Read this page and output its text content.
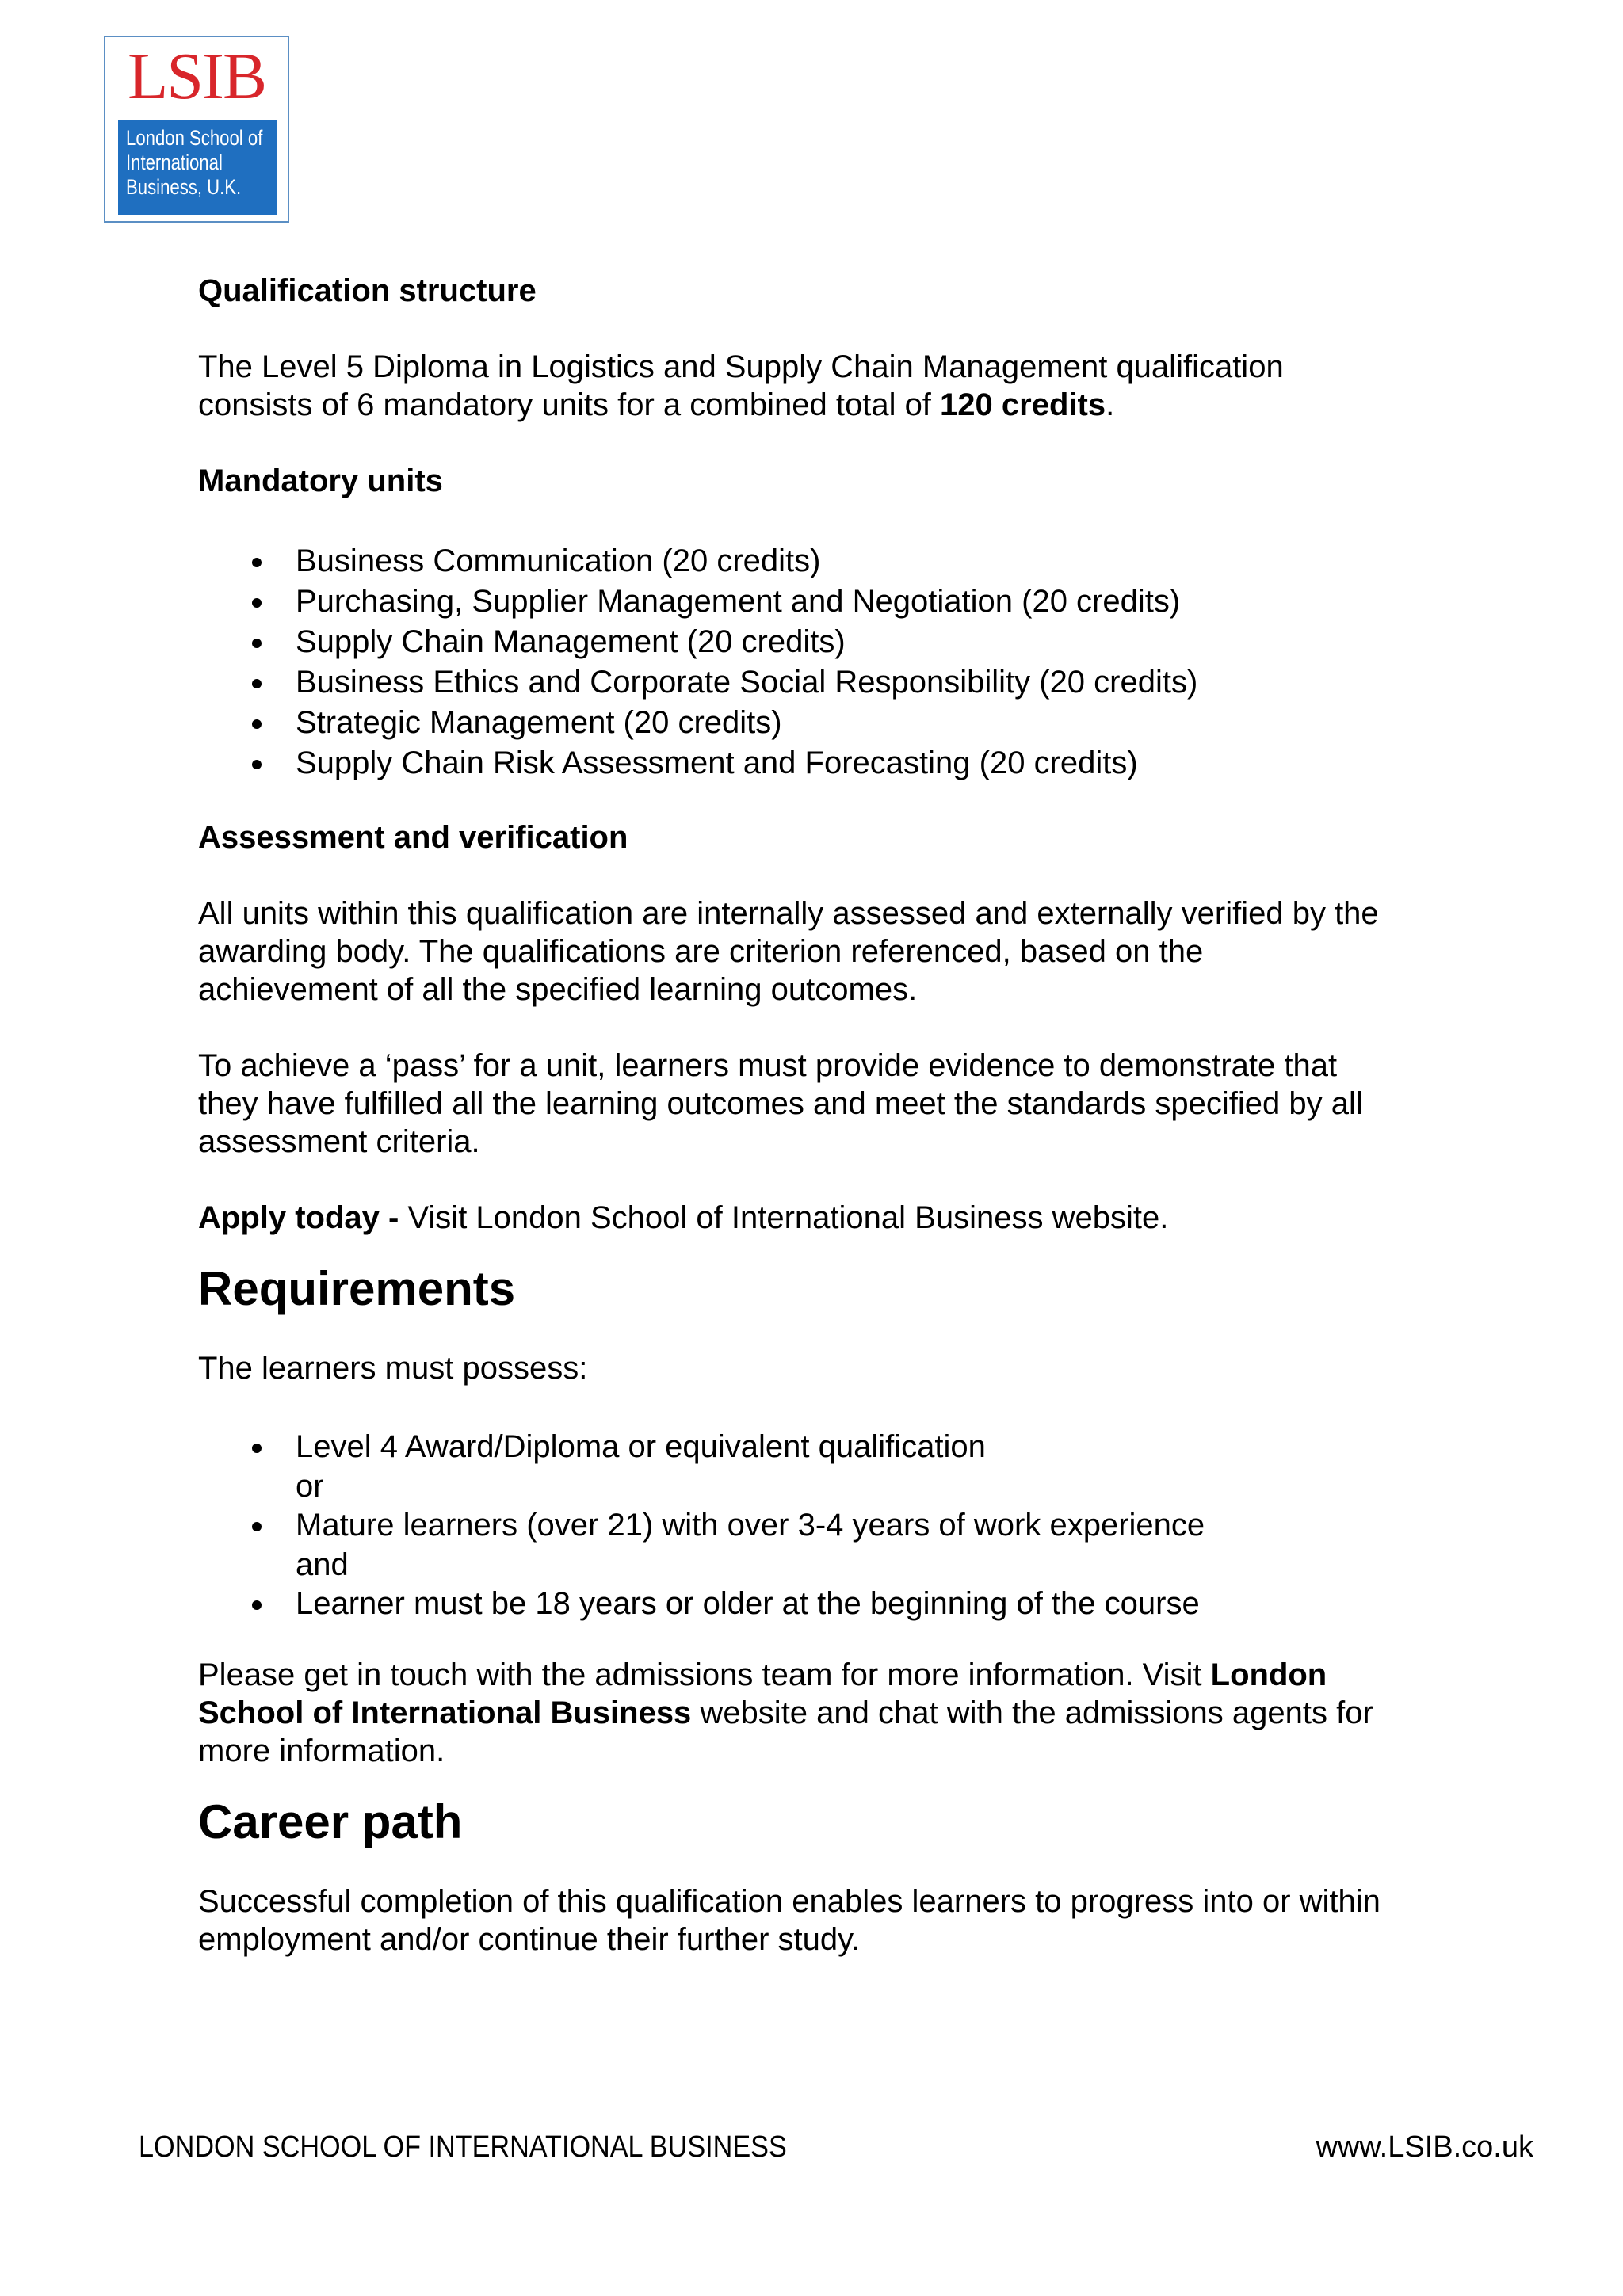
LSIB
London School of
International
Business, U.K.

Qualification structure

The Level 5 Diploma in Logistics and Supply Chain Management qualification
consists of 6 mandatory units for a combined total of 120 credits.

Mandatory units

Business Communication (20 credits)
Purchasing, Supplier Management and Negotiation (20 credits)
Supply Chain Management (20 credits)
Business Ethics and Corporate Social Responsibility (20 credits)
Strategic Management (20 credits)
Supply Chain Risk Assessment and Forecasting (20 credits)

Assessment and verification

All units within this qualification are internally assessed and externally verified by the
awarding body. The qualifications are criterion referenced, based on the
achievement of all the specified learning outcomes.

To achieve a ‘pass’ for a unit, learners must provide evidence to demonstrate that
they have fulfilled all the learning outcomes and meet the standards specified by all
assessment criteria.

Apply today - Visit London School of International Business website.

Requirements

The learners must possess:

Level 4 Award/Diploma or equivalent qualification
or
Mature learners (over 21) with over 3-4 years of work experience
and
Learner must be 18 years or older at the beginning of the course

Please get in touch with the admissions team for more information. Visit London
School of International Business website and chat with the admissions agents for
more information.

Career path

Successful completion of this qualification enables learners to progress into or within
employment and/or continue their further study.

LONDON SCHOOL OF INTERNATIONAL BUSINESS	www.LSIB.co.uk
